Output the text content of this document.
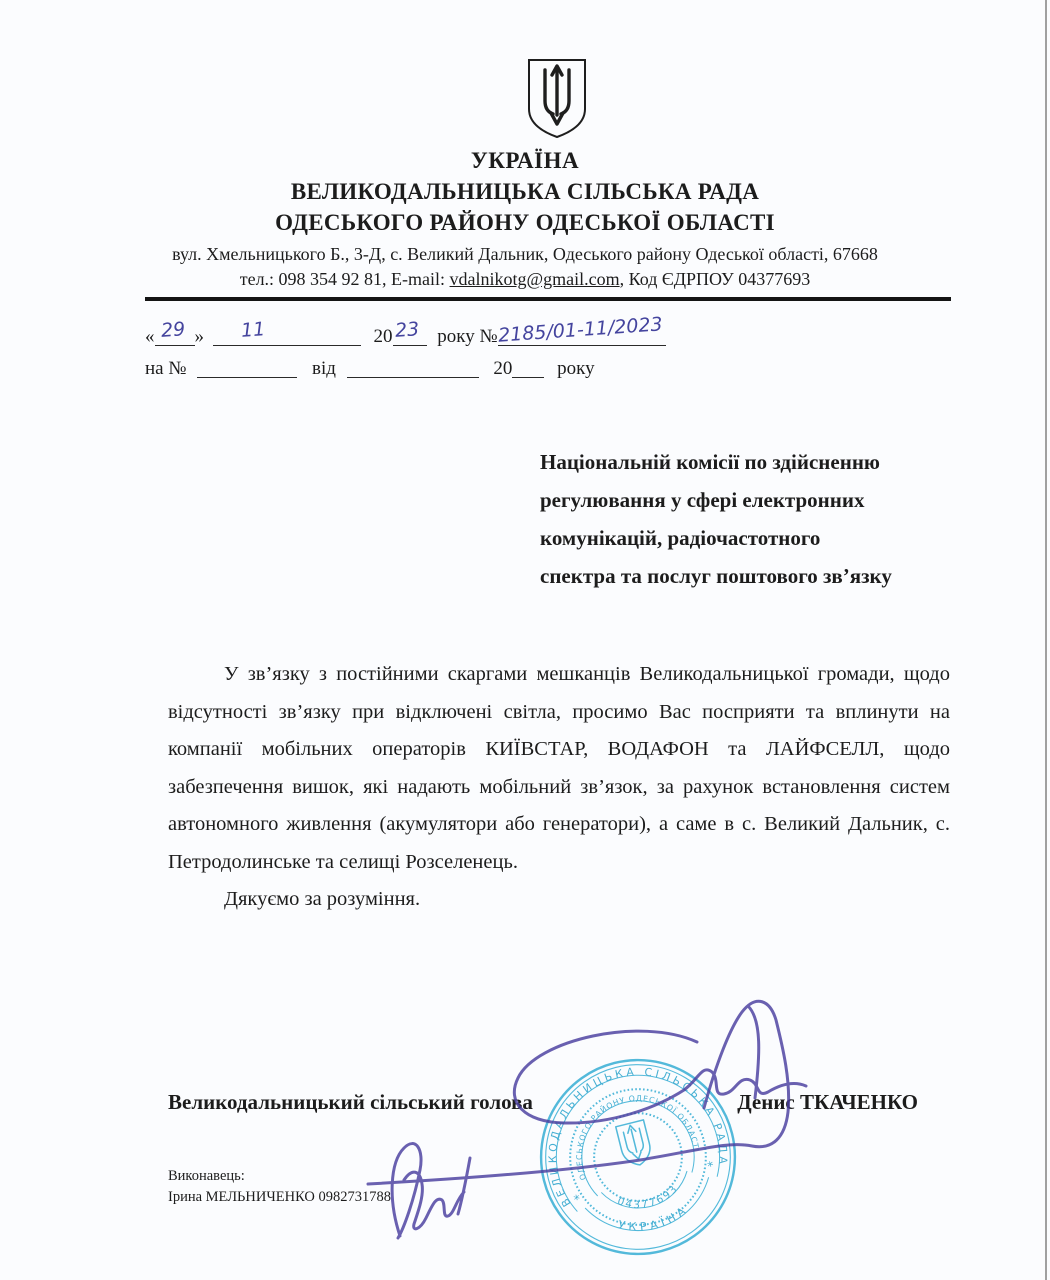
УКРАЇНА
ВЕЛИКОДАЛЬНИЦЬКА СІЛЬСЬКА РАДА
ОДЕСЬКОГО РАЙОНУ ОДЕСЬКОЇ ОБЛАСТІ
вул. Хмельницького Б., 3-Д, с. Великий Дальник, Одеського району Одеської області, 67668
тел.: 098 354 92 81, E-mail: vdalnikotg@gmail.com, Код ЄДРПОУ 04377693
« 29 » 11	20 23 року № 2185/01-11/2023
на №	від	20 року
Національній комісії по здійсненню
регулювання у сфері електронних
комунікацій, радіочастотного
спектра та послуг поштового зв’язку

У зв’язку з постійними скаргами мешканців Великодальницької громади, щодо відсутності зв’язку при відключені світла, просимо Вас посприяти та вплинути на компанії мобільних операторів КИЇВСТАР, ВОДАФОН та ЛАЙФСЕЛЛ, щодо забезпечення вишок, які надають мобільний зв’язок, за рахунок встановлення систем автономного живлення (акумулятори або генератори), а саме в с. Великий Дальник, с. Петродолинське та селищі Розселенець.

Дякуємо за розуміння.

Великодальницький сільський голова	Денис ТКАЧЕНКО
Виконавець:
Ірина МЕЛЬНИЧЕНКО 0982731788	ВЕЛИКОДАЛЬНИЦЬКА СІЛЬСЬКА РАДА
ОДЕСЬКОГО РАЙОНУ ОДЕСЬКОЇ ОБЛАСТІ
УКРАЇНА
04377693
*
*
